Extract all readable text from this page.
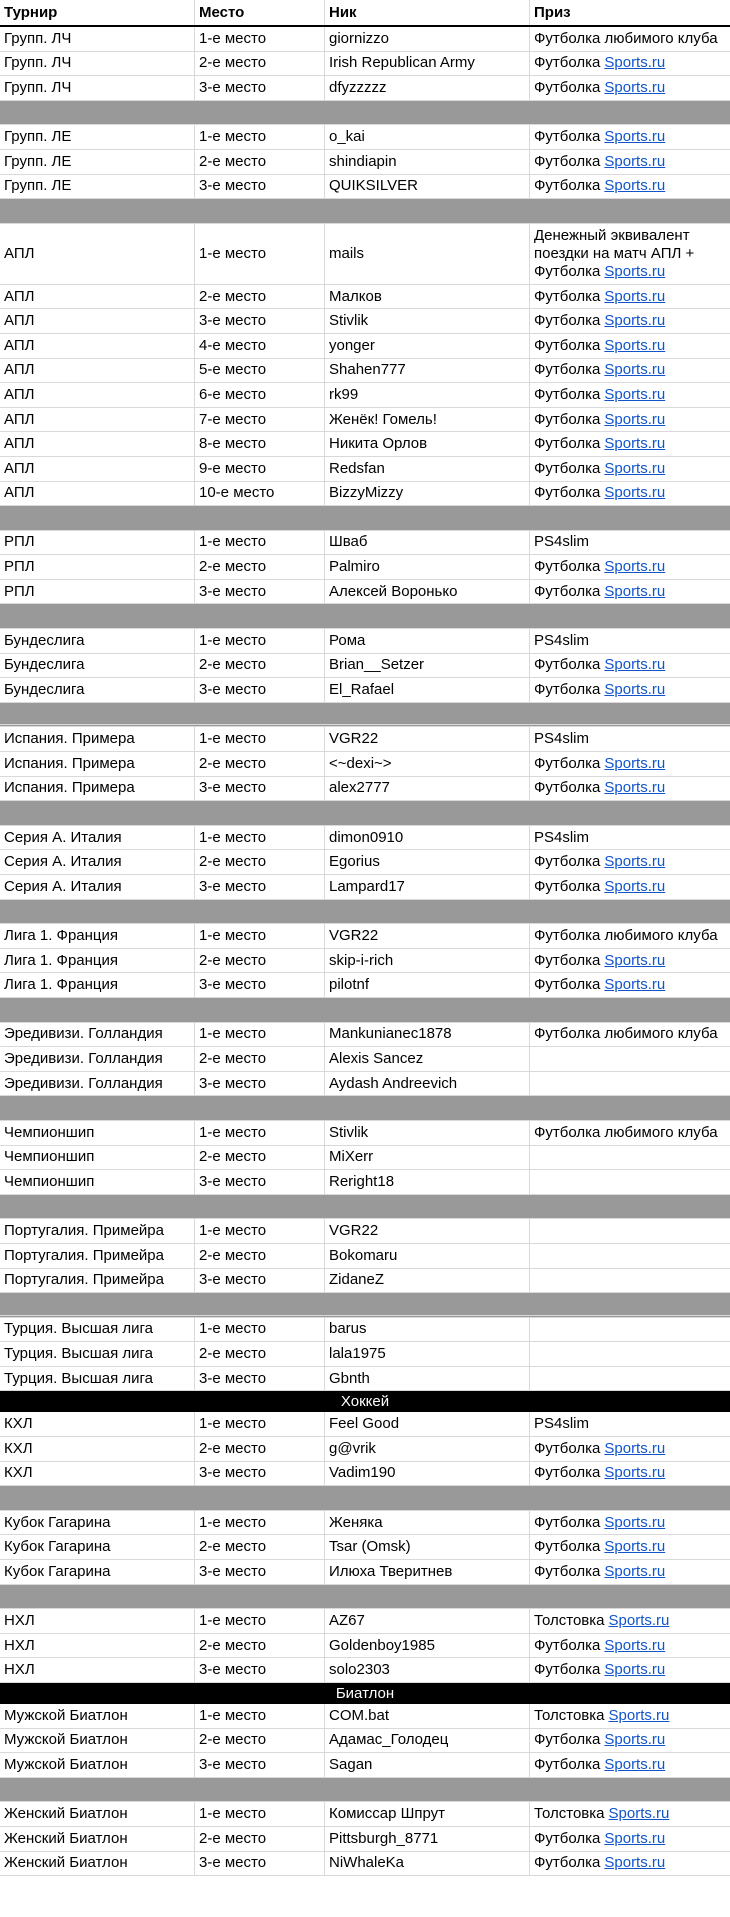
Турнир	Место	Ник	Приз
Групп. ЛЧ	1-е место	giornizzo	Футболка любимого клуба
Групп. ЛЧ	2-е место	Irish Republican Army	Футболка Sports.ru
Групп. ЛЧ	3-е место	dfyzzzzz	Футболка Sports.ru
Групп. ЛЕ	1-е место	o_kai	Футболка Sports.ru
Групп. ЛЕ	2-е место	shindiapin	Футболка Sports.ru
Групп. ЛЕ	3-е место	QUIKSILVER	Футболка Sports.ru
АПЛ	1-е место	mails
Денежный эквивалент поездки на матч АПЛ + Футболка Sports.ru
АПЛ	2-е место	Малков	Футболка Sports.ru
АПЛ	3-е место	Stivlik	Футболка Sports.ru
АПЛ	4-е место	yonger	Футболка Sports.ru
АПЛ	5-е место	Shahen777	Футболка Sports.ru
АПЛ	6-е место	rk99	Футболка Sports.ru
АПЛ	7-е место	Женёк! Гомель!	Футболка Sports.ru
АПЛ	8-е место	Никита Орлов	Футболка Sports.ru
АПЛ	9-е место	Redsfan	Футболка Sports.ru
АПЛ	10-е место	BizzyMizzy	Футболка Sports.ru
РПЛ	1-е место	Шваб	PS4slim
РПЛ	2-е место	Palmiro	Футболка Sports.ru
РПЛ	3-е место	Алексей Воронько	Футболка Sports.ru
Бундеслига	1-е место	Рома	PS4slim
Бундеслига	2-е место	Brian__Setzer	Футболка Sports.ru
Бундеслига	3-е место	El_Rafael	Футболка Sports.ru
Испания. Примера	1-е место	VGR22	PS4slim
Испания. Примера	2-е место	<~dexi~>	Футболка Sports.ru
Испания. Примера	3-е место	alex2777	Футболка Sports.ru
Серия А. Италия	1-е место	dimon0910	PS4slim
Серия А. Италия	2-е место	Egorius	Футболка Sports.ru
Серия А. Италия	3-е место	Lampard17	Футболка Sports.ru
Лига 1. Франция	1-е место	VGR22	Футболка любимого клуба
Лига 1. Франция	2-е место	skip-i-rich	Футболка Sports.ru
Лига 1. Франция	3-е место	pilotnf	Футболка Sports.ru
Эредивизи. Голландия	1-е место	Mankunianec1878	Футболка любимого клуба
Эредивизи. Голландия	2-е место	Alexis Sancez
Эредивизи. Голландия	3-е место	Aydash Andreevich
Чемпионшип	1-е место	Stivlik	Футболка любимого клуба
Чемпионшип	2-е место	MiXerr
Чемпионшип	3-е место	Reright18
Португалия. Примейра	1-е место	VGR22
Португалия. Примейра	2-е место	Bokomaru
Португалия. Примейра	3-е место	ZidaneZ
Турция. Высшая лига	1-е место	barus
Турция. Высшая лига	2-е место	lala1975
Турция. Высшая лига	3-е место	Gbnth
Хоккей
КХЛ	1-е место	Feel Good	PS4slim
КХЛ	2-е место	g@vrik	Футболка Sports.ru
КХЛ	3-е место	Vadim190	Футболка Sports.ru
Кубок Гагарина	1-е место	Женяка	Футболка Sports.ru
Кубок Гагарина	2-е место	Tsar (Omsk)	Футболка Sports.ru
Кубок Гагарина	3-е место	Илюха Тверитнев	Футболка Sports.ru
НХЛ	1-е место	AZ67	Толстовка Sports.ru
НХЛ	2-е место	Goldenboy1985	Футболка Sports.ru
НХЛ	3-е место	solo2303	Футболка Sports.ru
Биатлон
Мужской Биатлон	1-е место	COM.bat	Толстовка Sports.ru
Мужской Биатлон	2-е место	Адамас_Голодец	Футболка Sports.ru
Мужской Биатлон	3-е место	Sagan	Футболка Sports.ru
Женский Биатлон	1-е место	Комиссар Шпрут	Толстовка Sports.ru
Женский Биатлон	2-е место	Pittsburgh_8771	Футболка Sports.ru
Женский Биатлон	3-е место	NiWhaleKa	Футболка Sports.ru
